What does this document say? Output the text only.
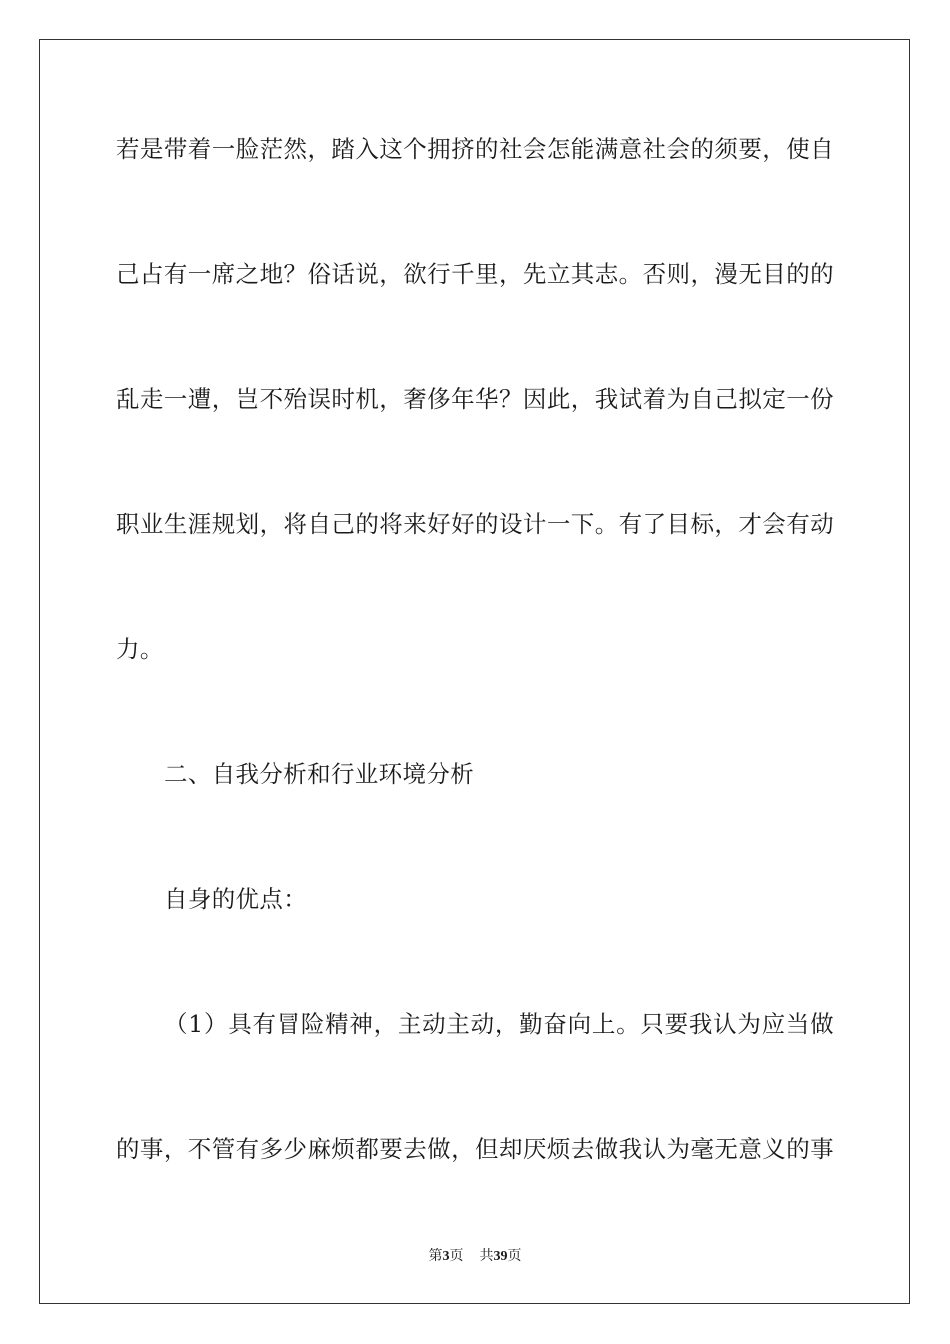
若是带着一脸茫然，踏入这个拥挤的社会怎能满意社会的须要，使自
己占有一席之地？俗话说，欲行千里，先立其志。否则，漫无目的的
乱走一遭，岂不殆误时机，奢侈年华？因此，我试着为自己拟定一份
职业生涯规划，将自己的将来好好的设计一下。有了目标，才会有动
力。
二、自我分析和行业环境分析
自身的优点：
（1）具有冒险精神，主动主动，勤奋向上。只要我认为应当做
的事，不管有多少麻烦都要去做，但却厌烦去做我认为毫无意义的事
第3页 共39页
